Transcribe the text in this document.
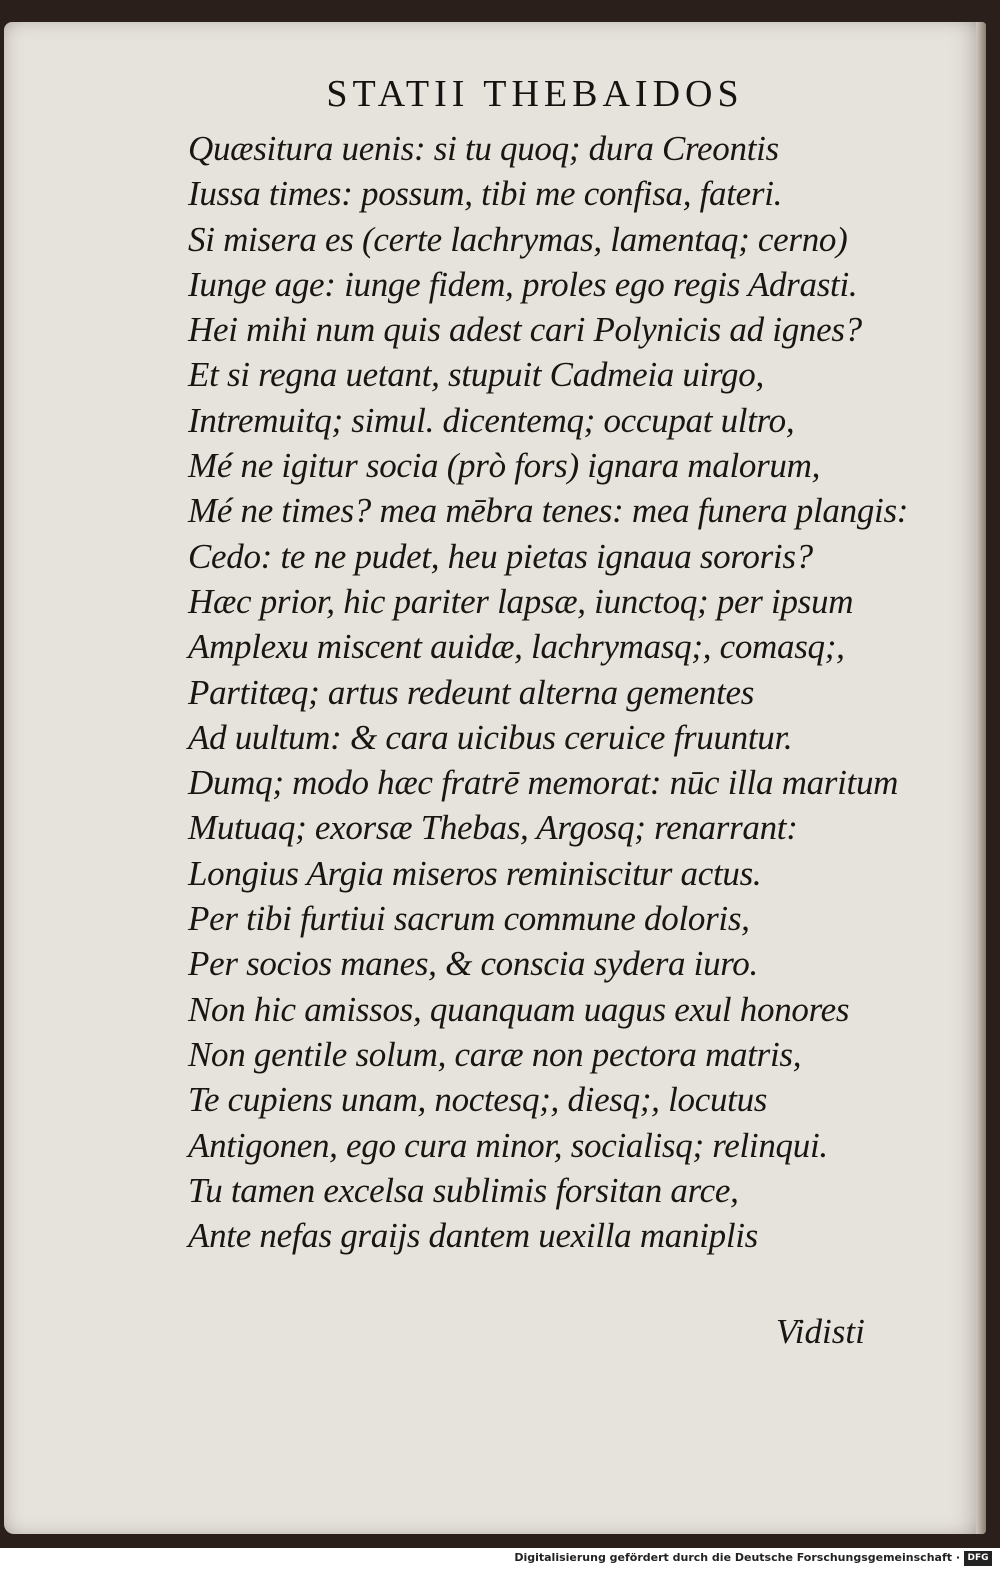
STATII THEBAIDOS
Quæsitura uenis: si tu quoq; dura Creontis
Iussa times: possum, tibi me confisa, fateri.
Si misera es (certe lachrymas, lamentaq; cerno)
Iunge age: iunge fidem, proles ego regis Adrasti.
Hei mihi num quis adest cari Polynicis ad ignes?
Et si regna uetant, stupuit Cadmeia uirgo,
Intremuitq; simul. dicentemq; occupat ultro,
Mé ne igitur socia (prò fors) ignara malorum,
Mé ne times? mea mēbra tenes: mea funera plangis:
Cedo: te ne pudet, heu pietas ignaua sororis?
Hæc prior, hic pariter lapsæ, iunctoq; per ipsum
Amplexu miscent auidæ, lachrymasq;, comasq;,
Partitæq; artus redeunt alterna gementes
Ad uultum: & cara uicibus ceruice fruuntur.
Dumq; modo hæc fratrē memorat: nūc illa maritum
Mutuaq; exorsæ Thebas, Argosq; renarrant:
Longius Argia miseros reminiscitur actus.
Per tibi furtiui sacrum commune doloris,
Per socios manes, & conscia sydera iuro.
Non hic amissos, quanquam uagus exul honores
Non gentile solum, caræ non pectora matris,
Te cupiens unam, noctesq;, diesq;, locutus
Antigonen, ego cura minor, socialisq; relinqui.
Tu tamen excelsa sublimis forsitan arce,
Ante nefas graijs dantem uexilla maniplis
Vidisti
Digitalisierung gefördert durch die Deutsche Forschungsgemeinschaft · DFG
